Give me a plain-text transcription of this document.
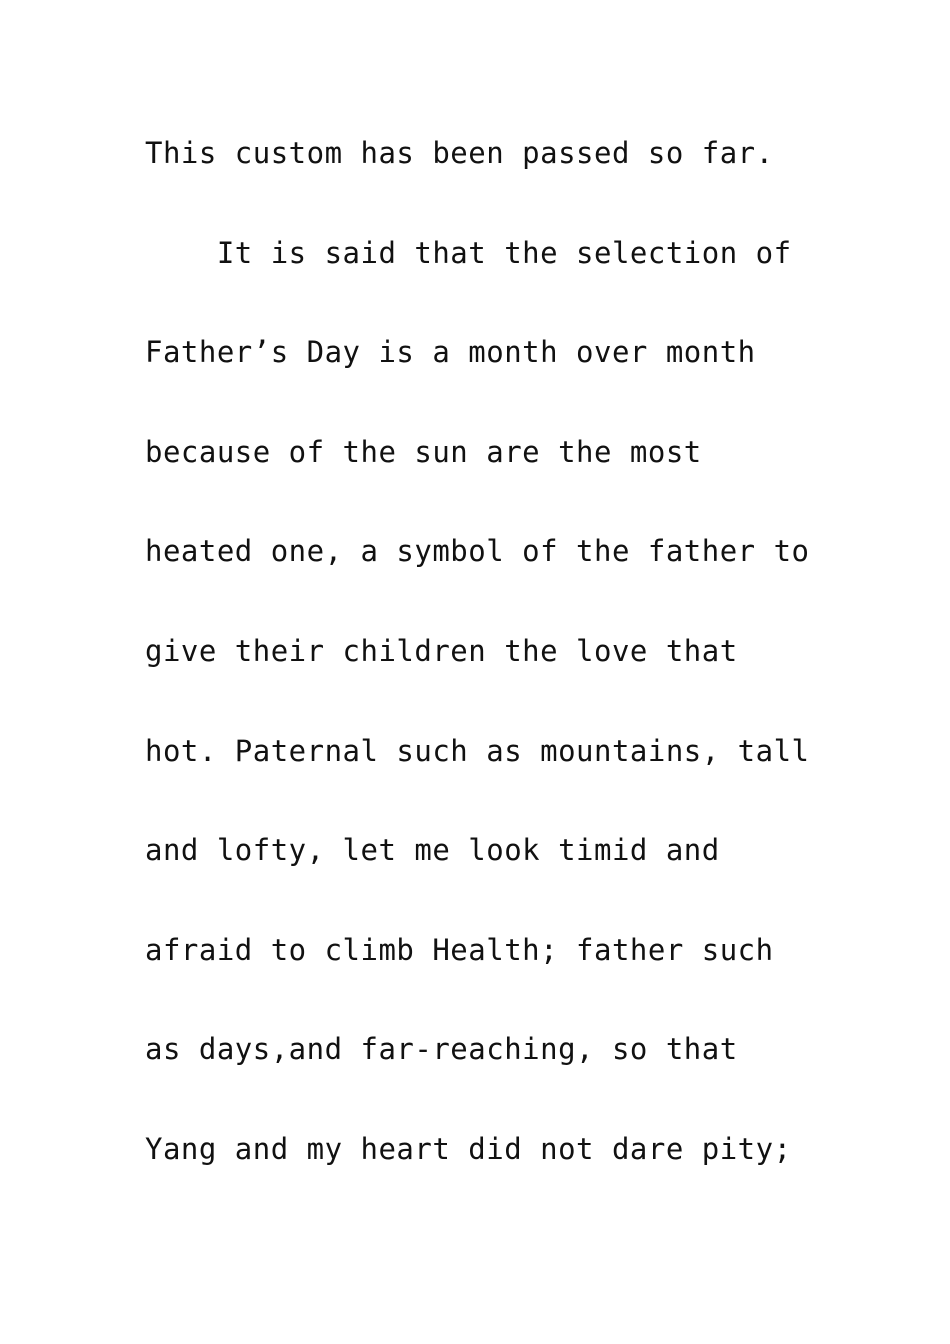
This custom has been passed so far.
It is said that the selection of
Father’s Day is a month over month
because of the sun are the most
heated one, a symbol of the father to
give their children the love that
hot. Paternal such as mountains, tall
and lofty, let me look timid and
afraid to climb Health; father such
as days,and far-reaching, so that
Yang and my heart did not dare pity;
